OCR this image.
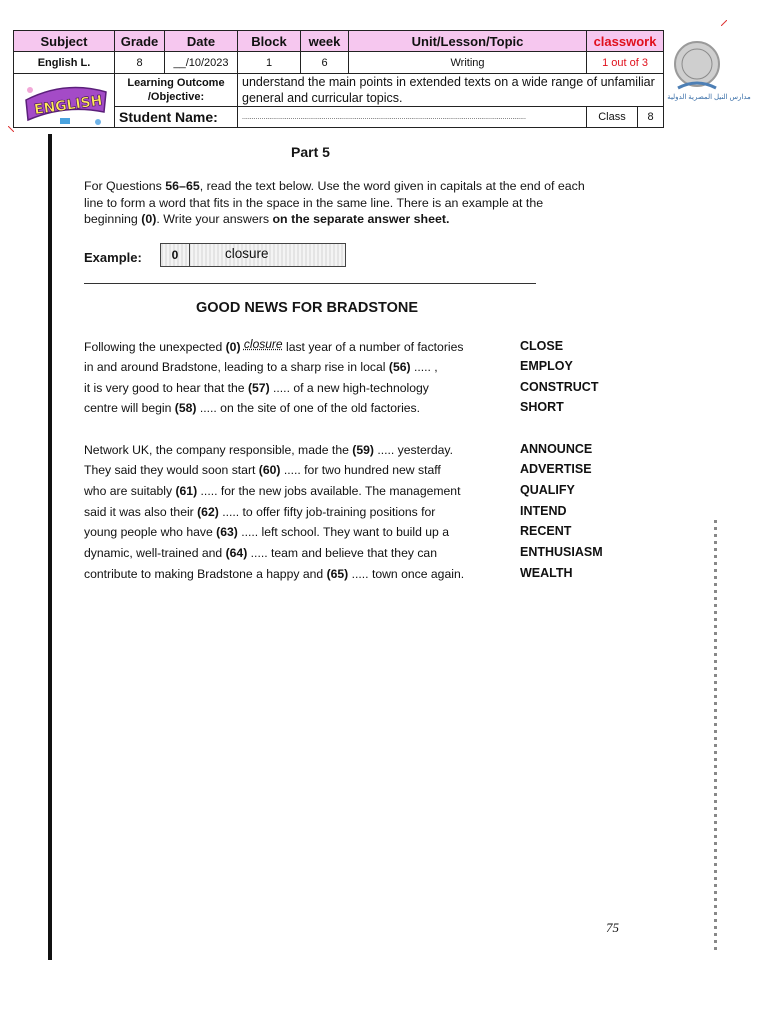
Subject	Grade	Date	Block	week	Unit/Lesson/Topic	classwork	
English L.	8	__/10/2023	1	6	Writing	1 out of 3	

ENGLISH	Learning Outcome /Objective:		understand the main points in extended texts on a wide range of unfamiliar general and curricular topics.				
	Student Name:		..................................................................................................................................................			Class	8
مدارس النيل المصرية الدولية
Part 5
For Questions 56–65, read the text below. Use the word given in capitals at the end of each line to form a word that fits in the space in the same line. There is an example at the beginning (0). Write your answers on the separate answer sheet.
Example:	0	closure
GOOD NEWS FOR BRADSTONE
Following the unexpected (0) closure last year of a number of factories	CLOSE
in and around Bradstone, leading to a sharp rise in local (56) ..... ,	EMPLOY
it is very good to hear that the (57) ..... of a new high-technology	CONSTRUCT
centre will begin (58) ..... on the site of one of the old factories.	SHORT
Network UK, the company responsible, made the (59) ..... yesterday.	ANNOUNCE
They said they would soon start (60) ..... for two hundred new staff	ADVERTISE
who are suitably (61) ..... for the new jobs available. The management	QUALIFY
said it was also their (62) ..... to offer fifty job-training positions for	INTEND
young people who have (63) ..... left school. They want to build up a	RECENT
dynamic, well-trained and (64) ..... team and believe that they can	ENTHUSIASM
contribute to making Bradstone a happy and (65) ..... town once again.	WEALTH
75
